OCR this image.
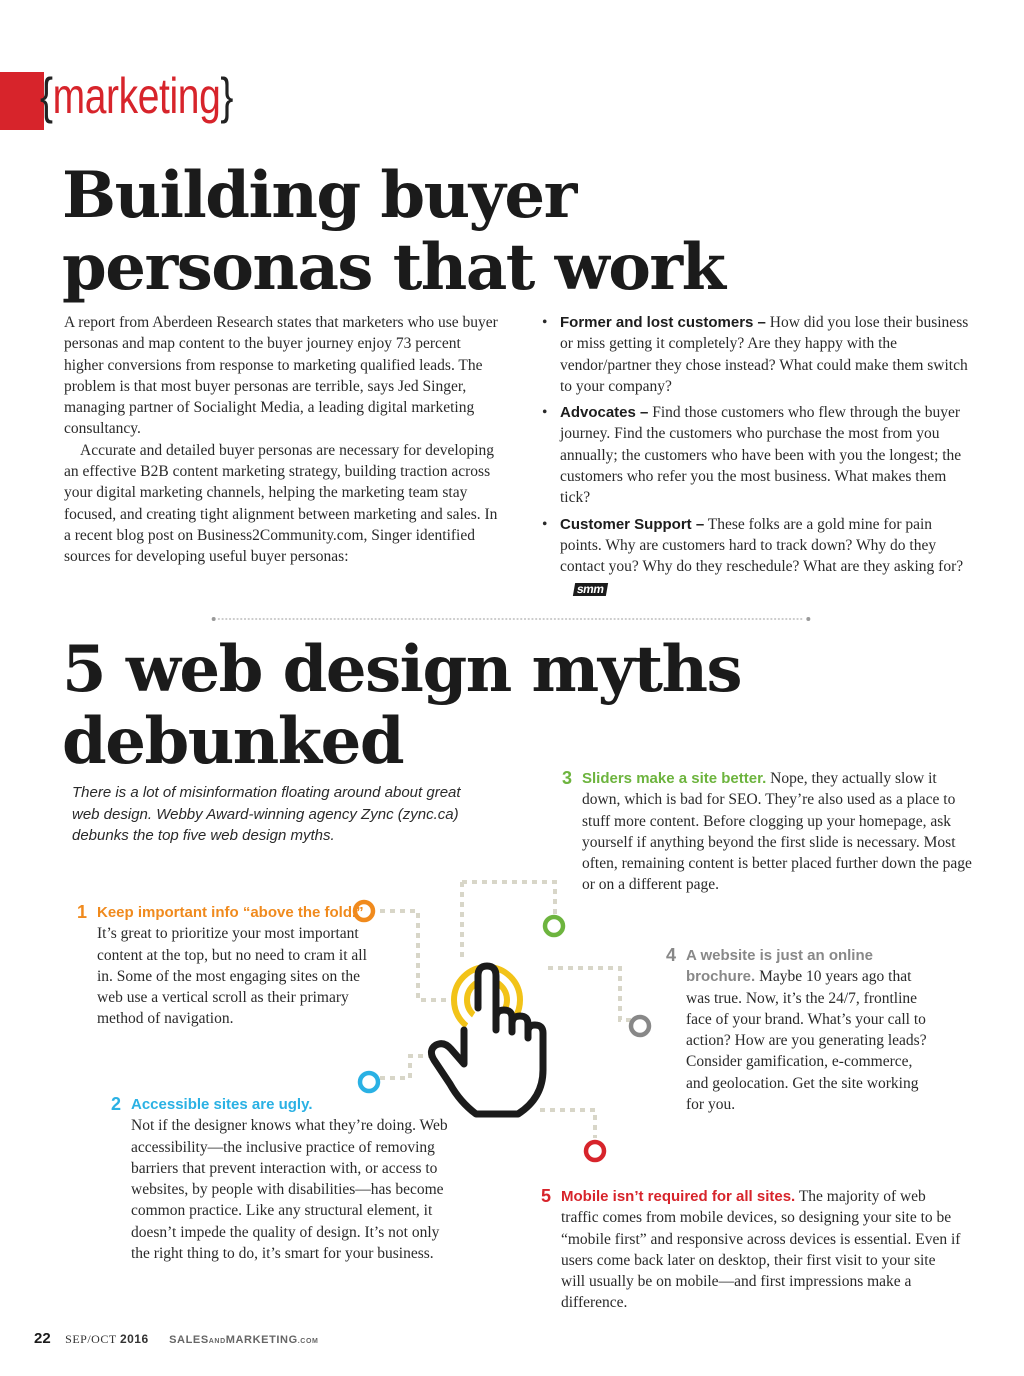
{marketing}
Building buyer
personas that work

A report from Aberdeen Research states that marketers who use buyer personas and map content to the buyer journey enjoy 73 percent higher conversions from response to marketing qualified leads. The problem is that most buyer personas are terrible, says Jed Singer, managing partner of Socialight Media, a leading digital marketing consultancy.

Accurate and detailed buyer personas are necessary for developing an effective B2B content marketing strategy, building traction across your digital marketing channels, helping the marketing team stay focused, and creating tight alignment between marketing and sales. In a recent blog post on Business2Community.com, Singer identified sources for developing useful buyer personas:

• Former and lost customers – How did you lose their business or miss getting it completely? Are they happy with the vendor/partner they chose instead? What could make them switch to your company?
• Advocates – Find those customers who flew through the buyer journey. Find the customers who purchase the most from you annually; the customers who have been with you the longest; the customers who refer you the most business. What makes them tick?
• Customer Support – These folks are a gold mine for pain points. Why are customers hard to track down? Why do they contact you? Why do they reschedule? What are they asking for? smm
5 web design myths
debunked
There is a lot of misinformation floating around about great web design. Webby Award-winning agency Zync (zync.ca) debunks the top five web design myths.
1 Keep important info “above the fold.” It’s great to prioritize your most important content at the top, but no need to cram it all in. Some of the most engaging sites on the web use a vertical scroll as their primary method of navigation.
2 Accessible sites are ugly.
Not if the designer knows what they’re doing. Web accessibility—the inclusive practice of removing barriers that prevent interaction with, or access to websites, by people with disabilities—has become common practice. Like any structural element, it doesn’t impede the quality of design. It’s not only the right thing to do, it’s smart for your business.
3 Sliders make a site better. Nope, they actually slow it down, which is bad for SEO. They’re also used as a place to stuff more content. Before clogging up your homepage, ask yourself if anything beyond the first slide is necessary. Most often, remaining content is better placed further down the page or on a different page.
4 A website is just an online brochure. Maybe 10 years ago that was true. Now, it’s the 24/7, frontline face of your brand. What’s your call to action? How are you generating leads? Consider gamification, e-commerce, and geolocation. Get the site working for you.
5 Mobile isn’t required for all sites. The majority of web traffic comes from mobile devices, so designing your site to be “mobile first” and responsive across devices is essential. Even if users come back later on desktop, their first visit to your site will usually be on mobile—and first impressions make a difference.
22 SEP/OCT 2016 SALESANDMARKETING.COM
